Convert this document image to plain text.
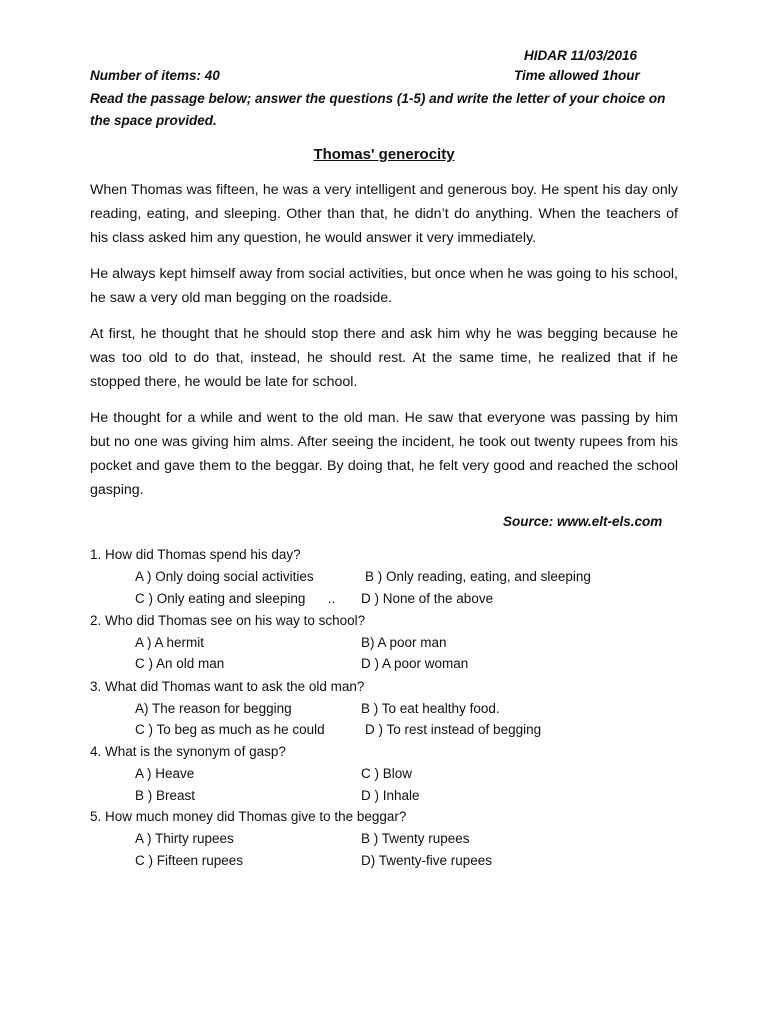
HIDAR 11/03/2016
Number of items: 40	Time allowed 1hour
Read the passage below; answer the questions (1-5) and write the letter of your choice on the space provided.
Thomas' generocity
When Thomas was fifteen, he was a very intelligent and generous boy. He spent his day only reading, eating, and sleeping. Other than that, he didn’t do anything. When the teachers of his class asked him any question, he would answer it very immediately.
He always kept himself away from social activities, but once when he was going to his school, he saw a very old man begging on the roadside.
At first, he thought that he should stop there and ask him why he was begging because he was too old to do that, instead, he should rest. At the same time, he realized that if he stopped there, he would be late for school.
He thought for a while and went to the old man. He saw that everyone was passing by him but no one was giving him alms. After seeing the incident, he took out twenty rupees from his pocket and gave them to the beggar. By doing that, he felt very good and reached the school gasping.
Source: www.elt-els.com
1. How did Thomas spend his day?
A ) Only doing social activities	B ) Only reading, eating, and sleeping
C ) Only eating and sleeping      .. D ) None of the above
2. Who did Thomas see on his way to school?
A ) A hermit	B) A poor man
C ) An old man	D ) A poor woman
3. What did Thomas want to ask the old man?
A) The reason for begging	B ) To eat healthy food.
C ) To beg as much as he could	D ) To rest instead of begging
4. What is the synonym of gasp?
A ) Heave	C ) Blow
B ) Breast	D ) Inhale
5. How much money did Thomas give to the beggar?
A ) Thirty rupees	B ) Twenty rupees
C ) Fifteen rupees	D) Twenty-five rupees
